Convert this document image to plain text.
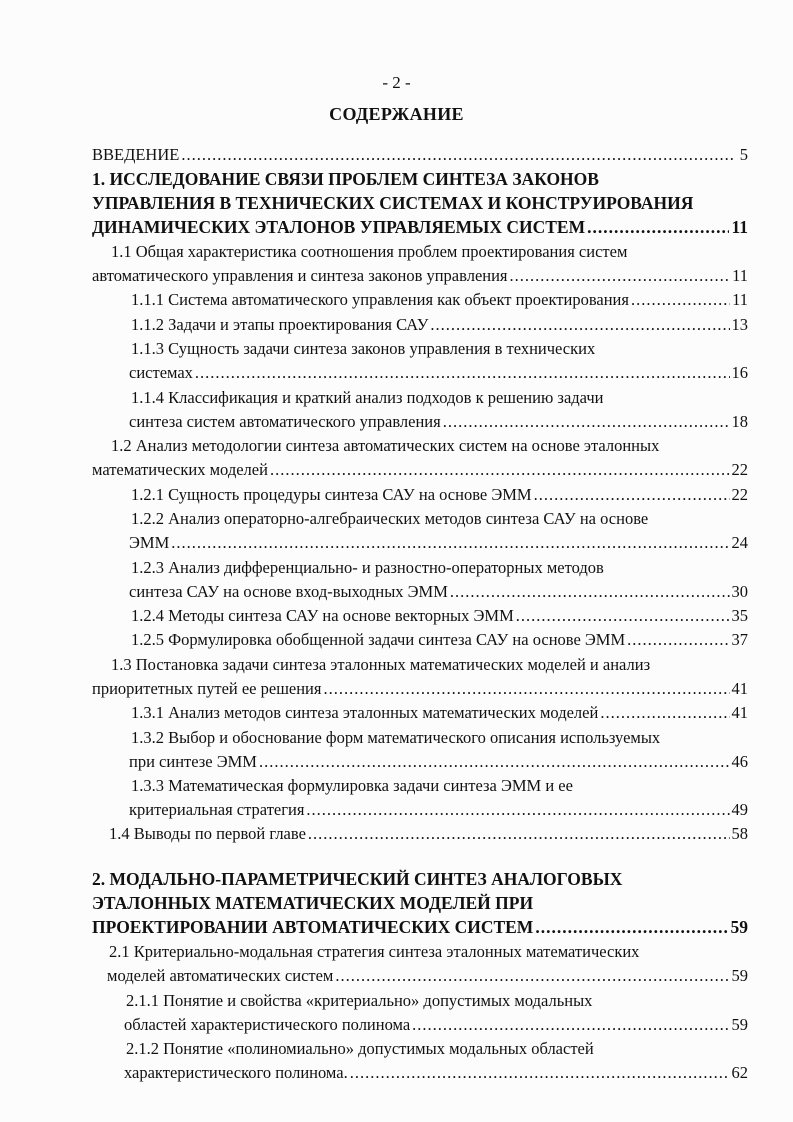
- 2 -
СОДЕРЖАНИЕ
ВВЕДЕНИЕ .....	5
1. ИССЛЕДОВАНИЕ СВЯЗИ ПРОБЛЕМ СИНТЕЗА ЗАКОНОВ
УПРАВЛЕНИЯ В ТЕХНИЧЕСКИХ СИСТЕМАХ И КОНСТРУИРОВАНИЯ
ДИНАМИЧЕСКИХ ЭТАЛОНОВ УПРАВЛЯЕМЫХ СИСТЕМ .....	11
1.1 Общая характеристика соотношения проблем проектирования систем
автоматического управления и синтеза законов управления .....	11
1.1.1 Система автоматического управления как объект проектирования .....	11
1.1.2 Задачи и этапы проектирования САУ .....	13
1.1.3 Сущность задачи синтеза законов управления в технических
системах .....	16
1.1.4 Классификация и краткий анализ подходов к решению задачи
синтеза систем автоматического управления .....	18
1.2 Анализ методологии синтеза автоматических систем на основе эталонных
математических моделей .....	22
1.2.1 Сущность процедуры синтеза САУ на основе ЭММ .....	22
1.2.2 Анализ операторно-алгебраических методов синтеза САУ на основе
ЭММ .....	24
1.2.3 Анализ дифференциально- и разностно-операторных методов
синтеза САУ на основе вход-выходных ЭММ .....	30
1.2.4 Методы синтеза САУ на основе векторных ЭММ .....	35
1.2.5 Формулировка обобщенной задачи синтеза САУ на основе ЭММ .....	37
1.3 Постановка задачи синтеза эталонных математических моделей и анализ
приоритетных путей ее решения .....	41
1.3.1 Анализ методов синтеза эталонных математических моделей .....	41
1.3.2 Выбор и обоснование форм математического описания используемых
при синтезе ЭММ .....	46
1.3.3 Математическая формулировка задачи синтеза ЭММ и ее
критериальная стратегия .....	49
1.4 Выводы по первой главе .....	58
2. МОДАЛЬНО-ПАРАМЕТРИЧЕСКИЙ СИНТЕЗ АНАЛОГОВЫХ
ЭТАЛОННЫХ МАТЕМАТИЧЕСКИХ МОДЕЛЕЙ ПРИ
ПРОЕКТИРОВАНИИ АВТОМАТИЧЕСКИХ СИСТЕМ .....	59
2.1 Критериально-модальная стратегия синтеза эталонных математических
моделей автоматических систем .....	59
2.1.1 Понятие и свойства «критериально» допустимых модальных
областей характеристического полинома .....	59
2.1.2 Понятие «полиномиально» допустимых модальных областей
характеристического полинома. .....	62
